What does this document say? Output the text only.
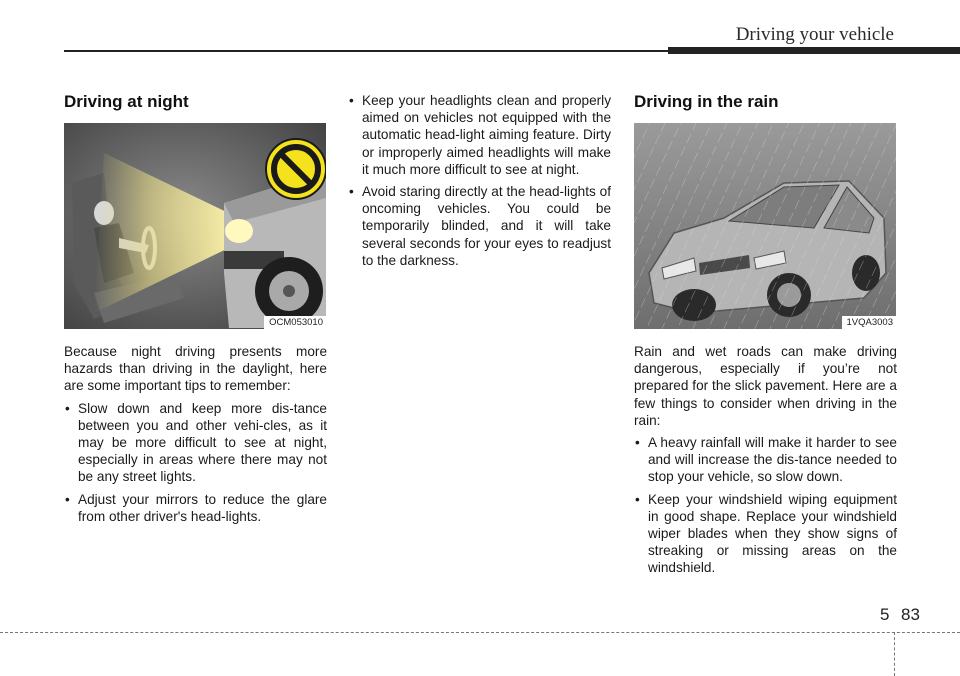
Driving your vehicle
Driving at night
OCM053010

Because night driving presents more hazards than driving in the daylight, here are some important tips to remember:

• Slow down and keep more dis-tance between you and other vehi-cles, as it may be more difficult to see at night, especially in areas where there may not be any street lights.
• Adjust your mirrors to reduce the glare from other driver's head-lights.
• Keep your headlights clean and properly aimed on vehicles not equipped with the automatic head-light aiming feature. Dirty or improperly aimed headlights will make it much more difficult to see at night.
• Avoid staring directly at the head-lights of oncoming vehicles. You could be temporarily blinded, and it will take several seconds for your eyes to readjust to the darkness.
Driving in the rain
1VQA3003

Rain and wet roads can make driving dangerous, especially if you’re not prepared for the slick pavement. Here are a few things to consider when driving in the rain:

• A heavy rainfall will make it harder to see and will increase the dis-tance needed to stop your vehicle, so slow down.
• Keep your windshield wiping equipment in good shape. Replace your windshield wiper blades when they show signs of streaking or missing areas on the windshield.
5 83
